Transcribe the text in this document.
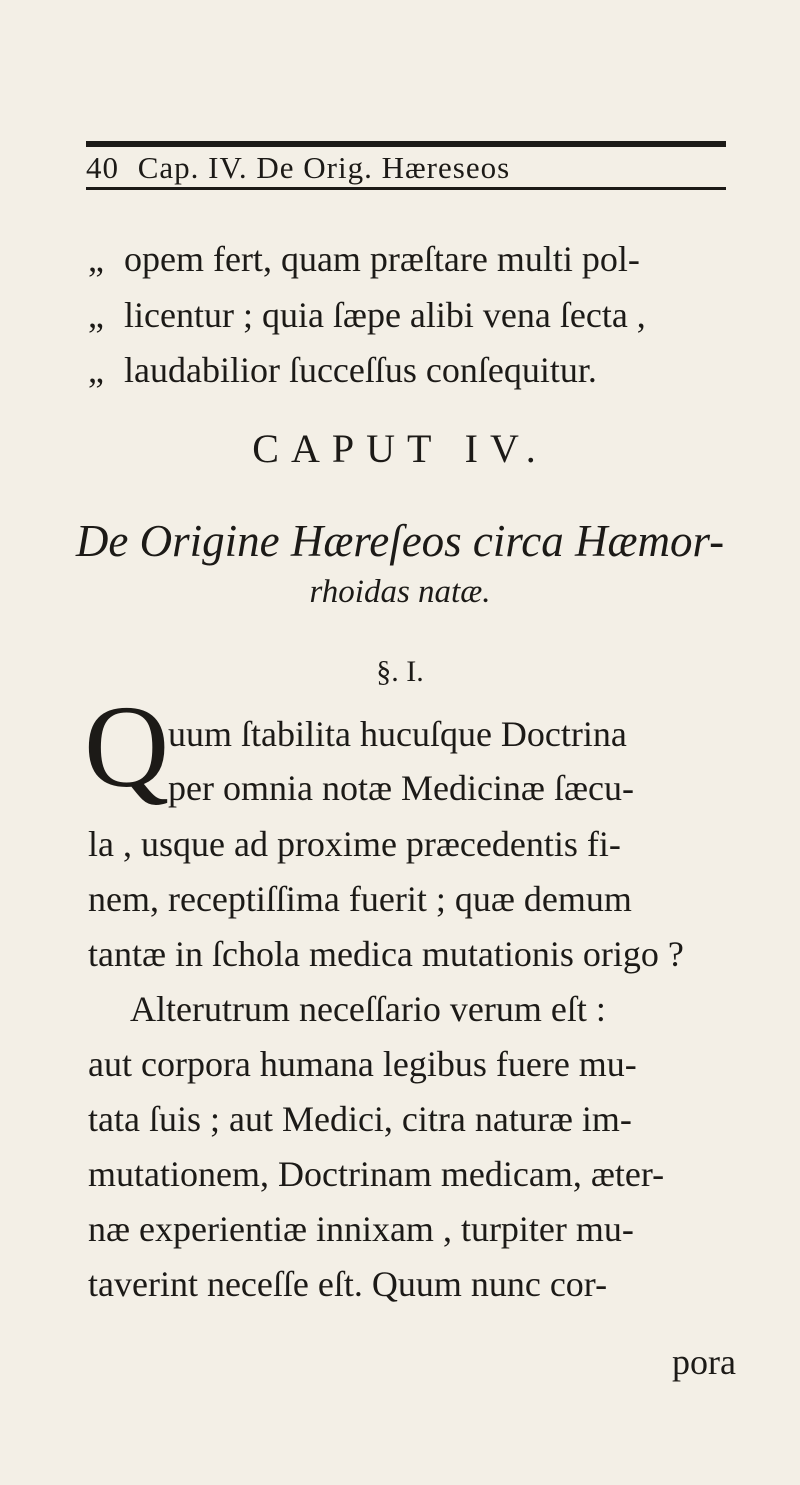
40 Cap. IV. De Orig. Hæreseos
„ opem fert, quam præſtare multi pol-
„ licentur ; quia ſæpe alibi vena ſecta ,
„ laudabilior ſucceſſus conſequitur.
CAPUT IV.
De Origine Hæreſeos circa Hæmor-
rhoidas natæ.
§. I.
Q
uum ſtabilita hucuſque Doctrina
per omnia notæ Medicinæ ſæcu-
la , usque ad proxime præcedentis fi-
nem, receptiſſima fuerit ; quæ demum
tantæ in ſchola medica mutationis origo ?
Alterutrum neceſſario verum eſt :
aut corpora humana legibus fuere mu-
tata ſuis ; aut Medici, citra naturæ im-
mutationem, Doctrinam medicam, æter-
næ experientiæ innixam , turpiter mu-
taverint neceſſe eſt. Quum nunc cor-
pora
